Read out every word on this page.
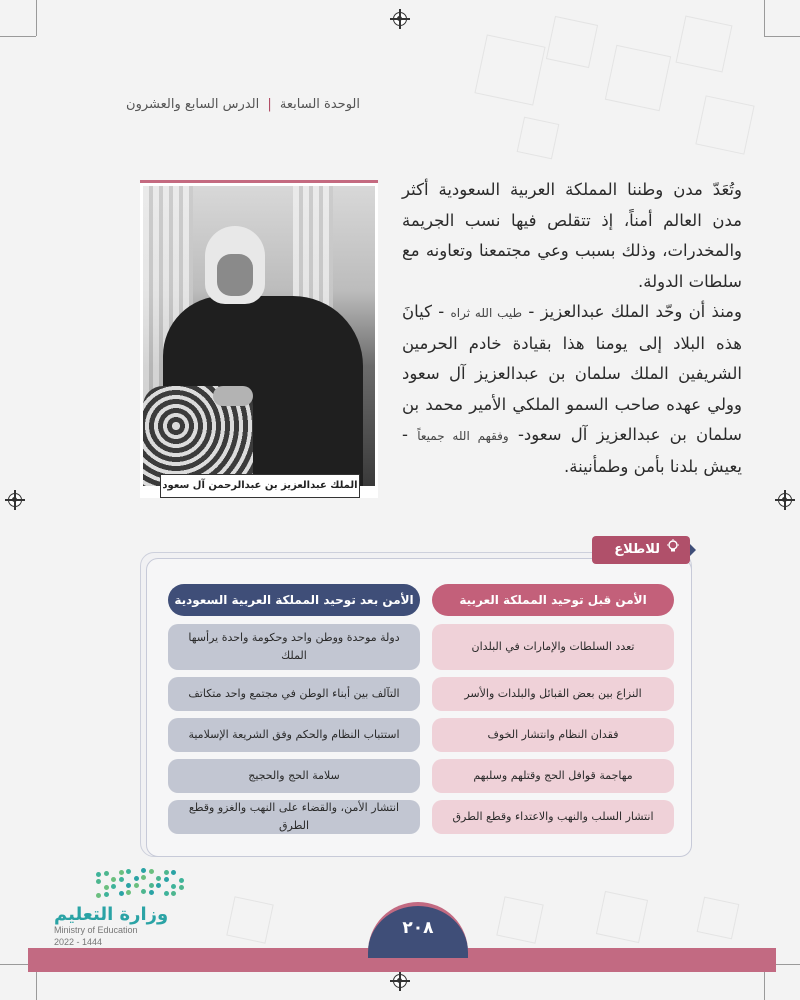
الوحدة السابعة | الدرس السابع والعشرون
الملك عبدالعزيز بن عبدالرحمن آل سعود

وتُعَدّ مدن وطننا المملكة العربية السعودية أكثر مدن العالم أمناً، إذ تتقلص فيها نسب الجريمة والمخدرات، وذلك بسبب وعي مجتمعنا وتعاونه مع سلطات الدولة.

ومنذ أن وحّد الملك عبدالعزيز - طيب الله ثراه - كيانَ هذه البلاد إلى يومنا هذا بقيادة خادم الحرمين الشريفين الملك سلمان بن عبدالعزيز آل سعود وولي عهده صاحب السمو الملكي الأمير محمد بن سلمان بن عبدالعزيز آل سعود- وفقهم الله جميعاً - يعيش بلدنا بأمن وطمأنينة.

للاطلاع
الأمن قبل توحيد المملكة العربية
الأمن بعد توحيد المملكة العربية السعودية
تعدد السلطات والإمارات في البلدان
النزاع بين بعض القبائل والبلدات والأسر
فقدان النظام وانتشار الخوف
مهاجمة قوافل الحج وقتلهم وسلبهم
انتشار السلب والنهب والاعتداء وقطع الطرق
دولة موحدة ووطن واحد وحكومة واحدة يرأسها الملك
التآلف بين أبناء الوطن في مجتمع واحد متكاتف
استتباب النظام والحكم وفق الشريعة الإسلامية
سلامة الحج والحجيج
انتشار الأمن، والقضاء على النهب والغزو وقطع الطرق
وزارة التعليم
Ministry of Education
2022 - 1444
٢٠٨
